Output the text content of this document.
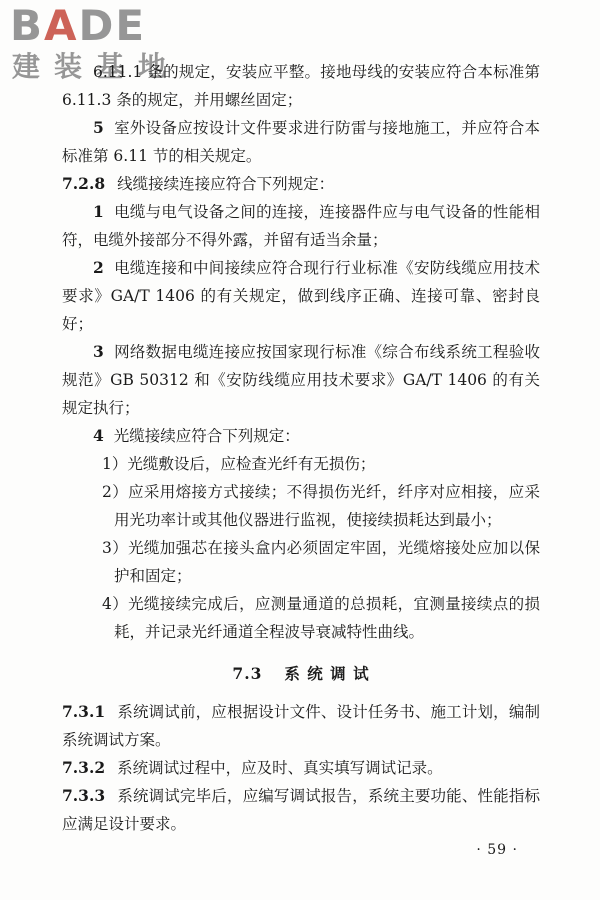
BADE
建装基地

6.11.1 条的规定，安装应平整。接地母线的安装应符合本标准第 6.11.3 条的规定，并用螺丝固定；

5 室外设备应按设计文件要求进行防雷与接地施工，并应符合本标准第 6.11 节的相关规定。

7.2.8 线缆接续连接应符合下列规定：

1 电缆与电气设备之间的连接，连接器件应与电气设备的性能相符，电缆外接部分不得外露，并留有适当余量；

2 电缆连接和中间接续应符合现行行业标准《安防线缆应用技术要求》GA/T 1406 的有关规定，做到线序正确、连接可靠、密封良好；

3 网络数据电缆连接应按国家现行标准《综合布线系统工程验收规范》GB 50312 和《安防线缆应用技术要求》GA/T 1406 的有关规定执行；

4 光缆接续应符合下列规定：

1）光缆敷设后，应检查光纤有无损伤；

2）应采用熔接方式接续；不得损伤光纤，纤序对应相接，应采用光功率计或其他仪器进行监视，使接续损耗达到最小；

3）光缆加强芯在接头盒内必须固定牢固，光缆熔接处应加以保护和固定；

4）光缆接续完成后，应测量通道的总损耗，宜测量接续点的损耗，并记录光纤通道全程波导衰减特性曲线。

7.3 系 统 调 试

7.3.1 系统调试前，应根据设计文件、设计任务书、施工计划，编制系统调试方案。

7.3.2 系统调试过程中，应及时、真实填写调试记录。

7.3.3 系统调试完毕后，应编写调试报告，系统主要功能、性能指标应满足设计要求。

· 59 ·
